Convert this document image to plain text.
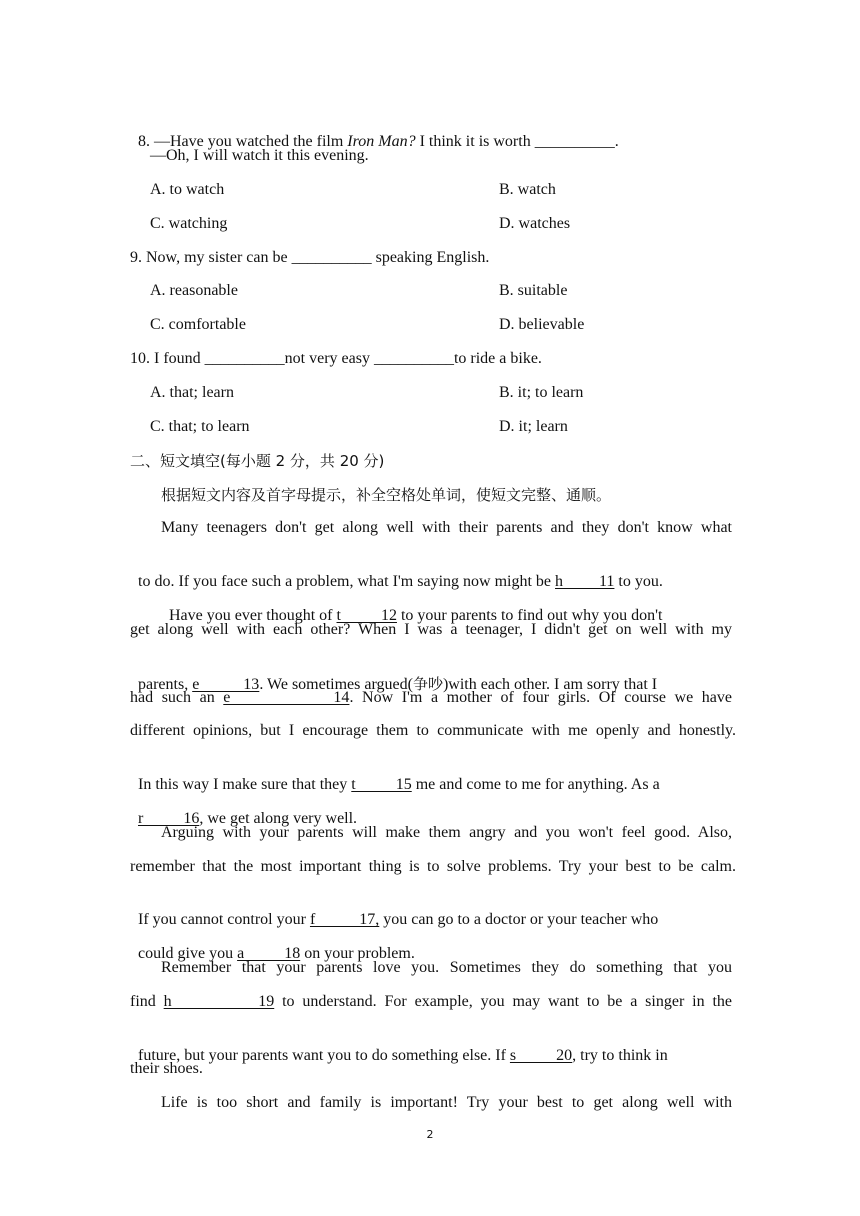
8. —Have you watched the film Iron Man? I think it is worth __________.

—Oh, I will watch it this evening.
A. to watch	B. watch
C. watching	D. watches
9. Now, my sister can be __________ speaking English.
A. reasonable	B. suitable
C. comfortable	D. believable
10. I found __________not very easy __________to ride a bike.
A. that; learn	B. it; to learn
C. that; to learn	D. it; learn
二、短文填空(每小题 2 分，共 20 分)
根据短文内容及首字母提示，补全空格处单词，使短文完整、通顺。
Many teenagers don't get along well with their parents and they don't know what

to do. If you face such a problem, what I'm saying now might be h         11 to you.

Have you ever thought of t          12 to your parents to find out why you don't

get along well with each other? When I was a teenager, I didn't get on well with my

parents, e           13. We sometimes argued(争吵)with each other. I am sorry that I

had such an e            14. Now I'm a mother of four girls. Of course we have
different opinions, but I encourage them to communicate with me openly and honestly.

In this way I make sure that they t          15 me and come to me for anything. As a

r          16, we get along very well.

Arguing with your parents will make them angry and you won't feel good. Also,
remember that the most important thing is to solve problems. Try your best to be calm.

If you cannot control your f           17, you can go to a doctor or your teacher who

could give you a          18 on your problem.

Remember that your parents love you. Sometimes they do something that you
find h           19 to understand. For example, you may want to be a singer in the

future, but your parents want you to do something else. If s          20, try to think in

their shoes.
Life is too short and family is important! Try your best to get along well with
2
